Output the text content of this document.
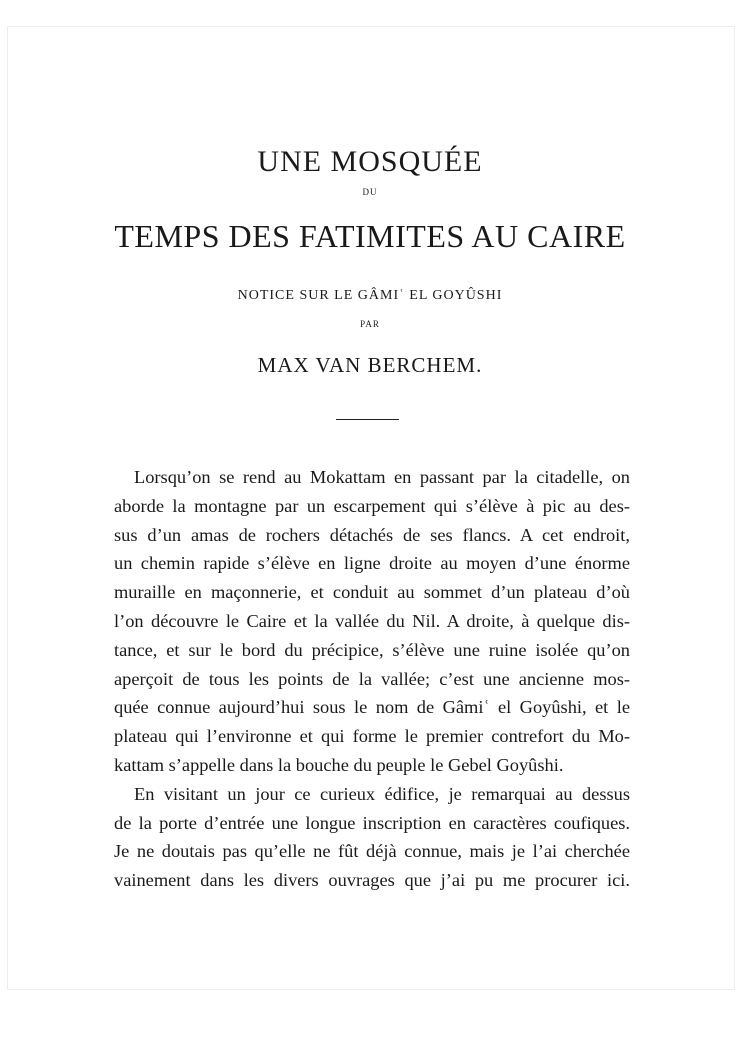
UNE MOSQUÉE
DU
TEMPS DES FATIMITES AU CAIRE
NOTICE SUR LE GÂMIʿ EL GOYÛSHI
PAR
MAX VAN BERCHEM.
Lorsqu’on se rend au Mokattam en passant par la citadelle, on
aborde la montagne par un escarpement qui s’élève à pic au des-
sus d’un amas de rochers détachés de ses flancs. A cet endroit,
un chemin rapide s’élève en ligne droite au moyen d’une énorme
muraille en maçonnerie, et conduit au sommet d’un plateau d’où
l’on découvre le Caire et la vallée du Nil. A droite, à quelque dis-
tance, et sur le bord du précipice, s’élève une ruine isolée qu’on
aperçoit de tous les points de la vallée; c’est une ancienne mos-
quée connue aujourd’hui sous le nom de Gâmiʿ el Goyûshi, et le
plateau qui l’environne et qui forme le premier contrefort du Mo-
kattam s’appelle dans la bouche du peuple le Gebel Goyûshi.
En visitant un jour ce curieux édifice, je remarquai au dessus
de la porte d’entrée une longue inscription en caractères coufiques.
Je ne doutais pas qu’elle ne fût déjà connue, mais je l’ai cherchée
vainement dans les divers ouvrages que j’ai pu me procurer ici.
